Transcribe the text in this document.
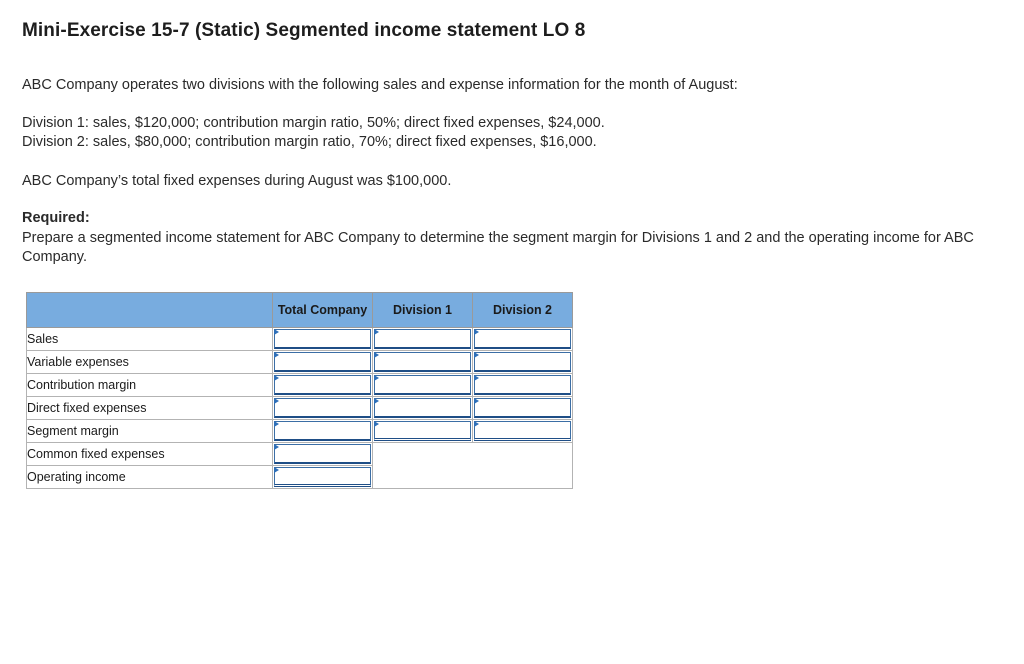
Mini-Exercise 15-7 (Static) Segmented income statement LO 8
ABC Company operates two divisions with the following sales and expense information for the month of August:
Division 1: sales, $120,000; contribution margin ratio, 50%; direct fixed expenses, $24,000.
Division 2: sales, $80,000; contribution margin ratio, 70%; direct fixed expenses, $16,000.
ABC Company’s total fixed expenses during August was $100,000.
Required:
Prepare a segmented income statement for ABC Company to determine the segment margin for Divisions 1 and 2 and the operating income for ABC Company.
	Total Company	Division 1	Division 2
Sales	

Variable expenses	

Contribution margin	

Direct fixed expenses	

Segment margin	

Common fixed expenses		

Operating income			
